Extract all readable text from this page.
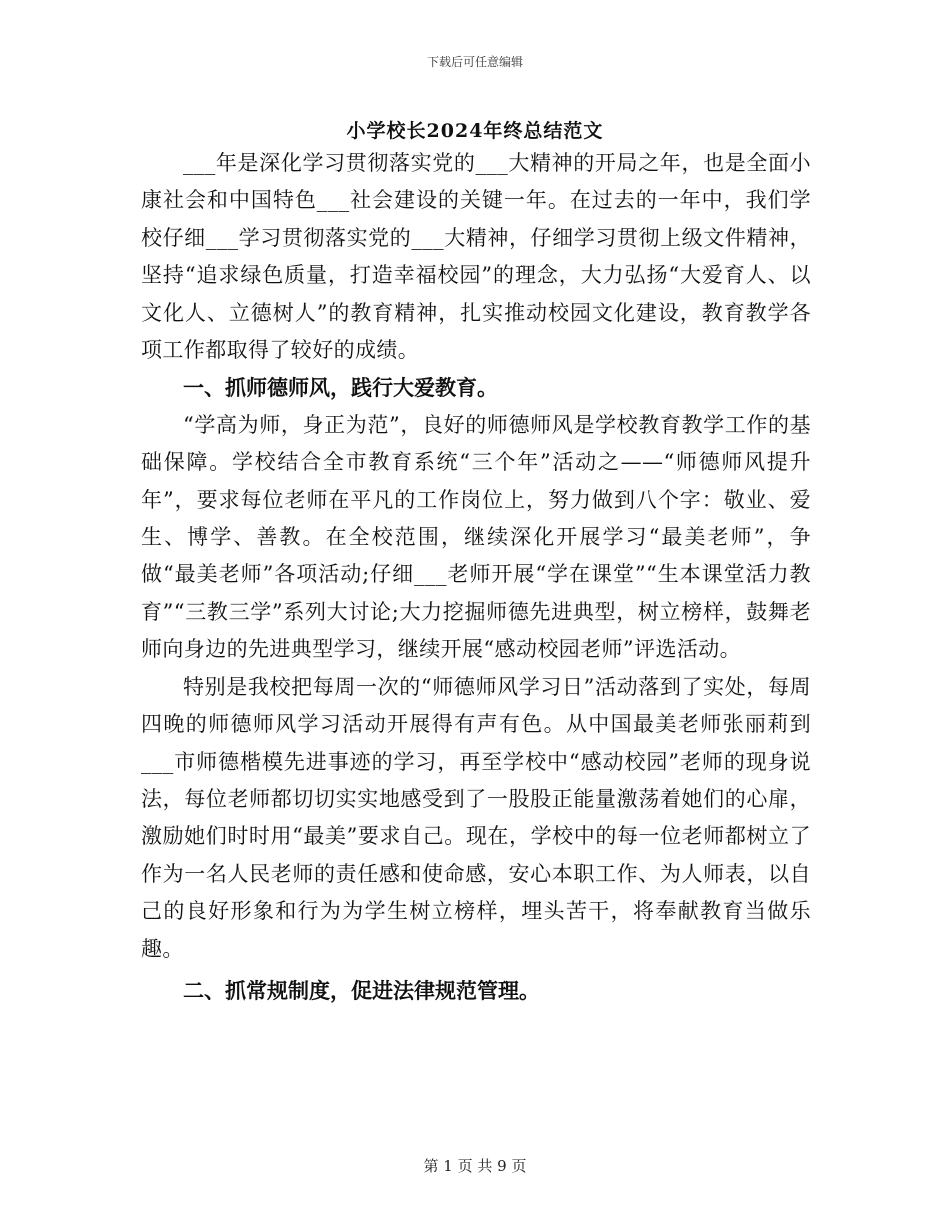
下载后可任意编辑
小学校长2024年终总结范文

___年是深化学习贯彻落实党的___大精神的开局之年，也是全面小康社会和中国特色___社会建设的关键一年。在过去的一年中，我们学校仔细___学习贯彻落实党的___大精神，仔细学习贯彻上级文件精神，坚持“追求绿色质量，打造幸福校园”的理念，大力弘扬“大爱育人、以文化人、立德树人”的教育精神，扎实推动校园文化建设，教育教学各项工作都取得了较好的成绩。

一、抓师德师风，践行大爱教育。

“学高为师，身正为范”，良好的师德师风是学校教育教学工作的基础保障。学校结合全市教育系统“三个年”活动之——“师德师风提升年”，要求每位老师在平凡的工作岗位上，努力做到八个字：敬业、爱生、博学、善教。在全校范围，继续深化开展学习“最美老师”，争做“最美老师”各项活动;仔细___老师开展“学在课堂”“生本课堂活力教育”“三教三学”系列大讨论;大力挖掘师德先进典型，树立榜样，鼓舞老师向身边的先进典型学习，继续开展“感动校园老师”评选活动。

特别是我校把每周一次的“师德师风学习日”活动落到了实处，每周四晚的师德师风学习活动开展得有声有色。从中国最美老师张丽莉到___市师德楷模先进事迹的学习，再至学校中“感动校园”老师的现身说法，每位老师都切切实实地感受到了一股股正能量激荡着她们的心扉，激励她们时时用“最美”要求自己。现在，学校中的每一位老师都树立了作为一名人民老师的责任感和使命感，安心本职工作、为人师表，以自己的良好形象和行为为学生树立榜样，埋头苦干，将奉献教育当做乐趣。

二、抓常规制度，促进法律规范管理。

第 1 页 共 9 页
